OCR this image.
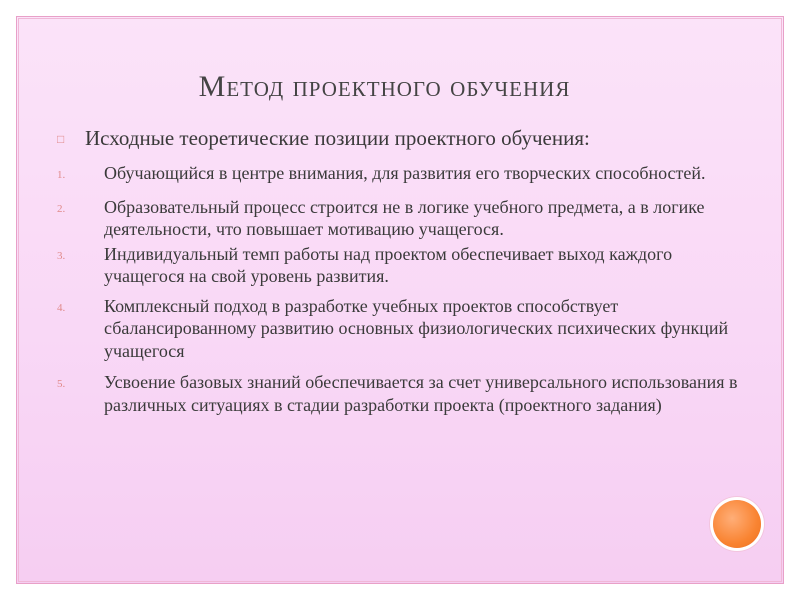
Метод проектного обучения
□
Исходные теоретические позиции проектного обучения:
1.	Обучающийся в центре внимания, для развития его творческих способностей.
2.	Образовательный процесс строится не в логике учебного предмета, а в логике деятельности, что повышает мотивацию учащегося.
3.	Индивидуальный темп работы над проектом обеспечивает выход каждого учащегося на свой уровень развития.
4.	Комплексный подход в разработке учебных проектов способствует сбалансированному развитию основных физиологических психических функций учащегося
5.	Усвоение базовых знаний обеспечивается за счет универсального использования в различных ситуациях в стадии разработки проекта (проектного задания)
